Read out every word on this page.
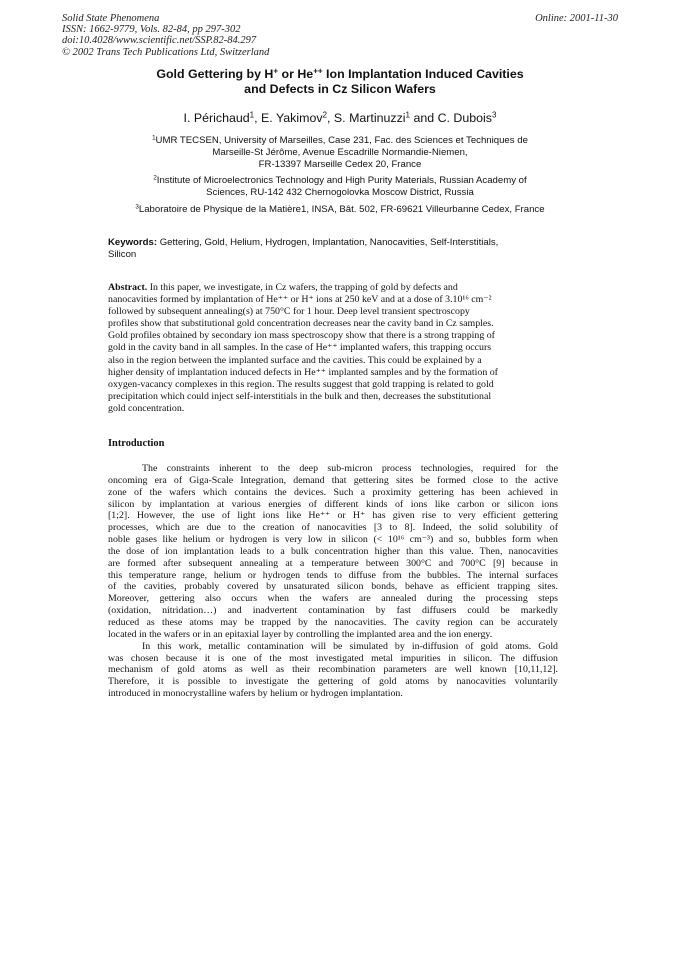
Solid State Phenomena
ISSN: 1662-9779, Vols. 82-84, pp 297-302
doi:10.4028/www.scientific.net/SSP.82-84.297
© 2002 Trans Tech Publications Ltd, Switzerland
Online: 2001-11-30
Gold Gettering by H+ or He++ Ion Implantation Induced Cavities
and Defects in Cz Silicon Wafers
I. Périchaud$^1$, E. Yakimov$^2$, S. Martinuzzi$^1$ and C. Dubois$^3$
$^1$UMR TECSEN, University of Marseilles, Case 231, Fac. des Sciences et Techniques de
Marseille-St Jérôme, Avenue Escadrille Normandie-Niemen,
FR-13397 Marseille Cedex 20, France
$^2$Institute of Microelectronics Technology and High Purity Materials, Russian Academy of
Sciences, RU-142 432 Chernogolovka Moscow District, Russia
$^3$Laboratoire de Physique de la Matière1, INSA, Bât. 502, FR-69621 Villeurbanne Cedex, France
Keywords: Gettering, Gold, Helium, Hydrogen, Implantation, Nanocavities, Self-Interstitials,
Silicon
Abstract. In this paper, we investigate, in Cz wafers, the trapping of gold by defects and
nanocavities formed by implantation of He⁺⁺ or H⁺ ions at 250 keV and at a dose of 3.10¹⁶ cm⁻²
followed by subsequent annealing(s) at 750°C for 1 hour. Deep level transient spectroscopy
profiles show that substitutional gold concentration decreases near the cavity band in Cz samples.
Gold profiles obtained by secondary ion mass spectroscopy show that there is a strong trapping of
gold in the cavity band in all samples. In the case of He⁺⁺ implanted wafers, this trapping occurs
also in the region between the implanted surface and the cavities. This could be explained by a
higher density of implantation induced defects in He⁺⁺ implanted samples and by the formation of
oxygen-vacancy complexes in this region. The results suggest that gold trapping is related to gold
precipitation which could inject self-interstitials in the bulk and then, decreases the substitutional
gold concentration.
Introduction
The constraints inherent to the deep sub-micron process technologies, required for the
oncoming era of Giga-Scale Integration, demand that gettering sites be formed close to the active
zone of the wafers which contains the devices. Such a proximity gettering has been achieved in
silicon by implantation at various energies of different kinds of ions like carbon or silicon ions
[1;2]. However, the use of light ions like He⁺⁺ or H⁺ has given rise to very efficient gettering
processes, which are due to the creation of nanocavities [3 to 8]. Indeed, the solid solubility of
noble gases like helium or hydrogen is very low in silicon (< 10¹⁶ cm⁻³) and so, bubbles form when
the dose of ion implantation leads to a bulk concentration higher than this value. Then, nanocavities
are formed after subsequent annealing at a temperature between 300°C and 700°C [9] because in
this temperature range, helium or hydrogen tends to diffuse from the bubbles. The internal surfaces
of the cavities, probably covered by unsaturated silicon bonds, behave as efficient trapping sites.
Moreover, gettering also occurs when the wafers are annealed during the processing steps
(oxidation, nitridation…) and inadvertent contamination by fast diffusers could be markedly
reduced as these atoms may be trapped by the nanocavities. The cavity region can be accurately
located in the wafers or in an epitaxial layer by controlling the implanted area and the ion energy.
In this work, metallic contamination will be simulated by in-diffusion of gold atoms. Gold
was chosen because it is one of the most investigated metal impurities in silicon. The diffusion
mechanism of gold atoms as well as their recombination parameters are well known [10,11,12].
Therefore, it is possible to investigate the gettering of gold atoms by nanocavities voluntarily
introduced in monocrystalline wafers by helium or hydrogen implantation.
